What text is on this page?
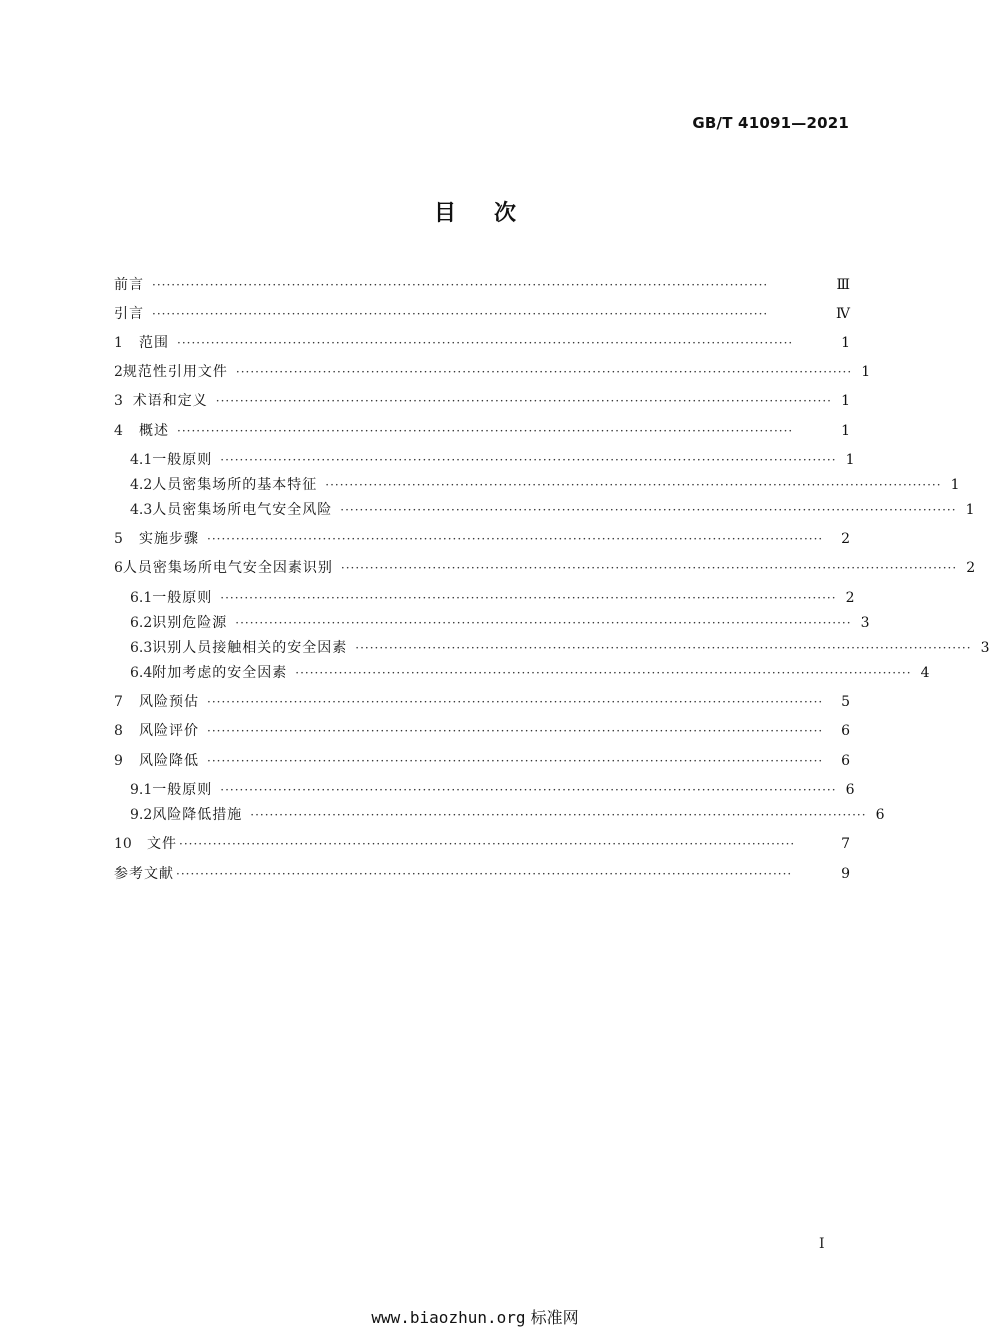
GB/T 41091—2021
目次
前言 ································································································································	Ⅲ
引言 ································································································································	Ⅳ
1	范围 ································································································································	1
2 规范性引用文件 ································································································································ 1
3 术语和定义 ································································································································ 1
4	概述 ································································································································	1
4.1 一般原则 ································································································································ 1
4.2 人员密集场所的基本特征 ································································································································ 1
4.3 人员密集场所电气安全风险 ································································································································ 1
5	实施步骤 ································································································································	2
6 人员密集场所电气安全因素识别 ································································································································ 2
6.1 一般原则 ································································································································ 2
6.2 识别危险源 ································································································································ 3
6.3 识别人员接触相关的安全因素 ································································································································ 3
6.4 附加考虑的安全因素 ································································································································ 4
7	风险预估 ································································································································	5
8	风险评价 ································································································································	6
9	风险降低 ································································································································	6
9.1 一般原则 ································································································································ 6
9.2 风险降低措施 ································································································································ 6
10	文件 ································································································································	7
参考文献 ································································································································	9
I
www.biaozhun.org 标准网
